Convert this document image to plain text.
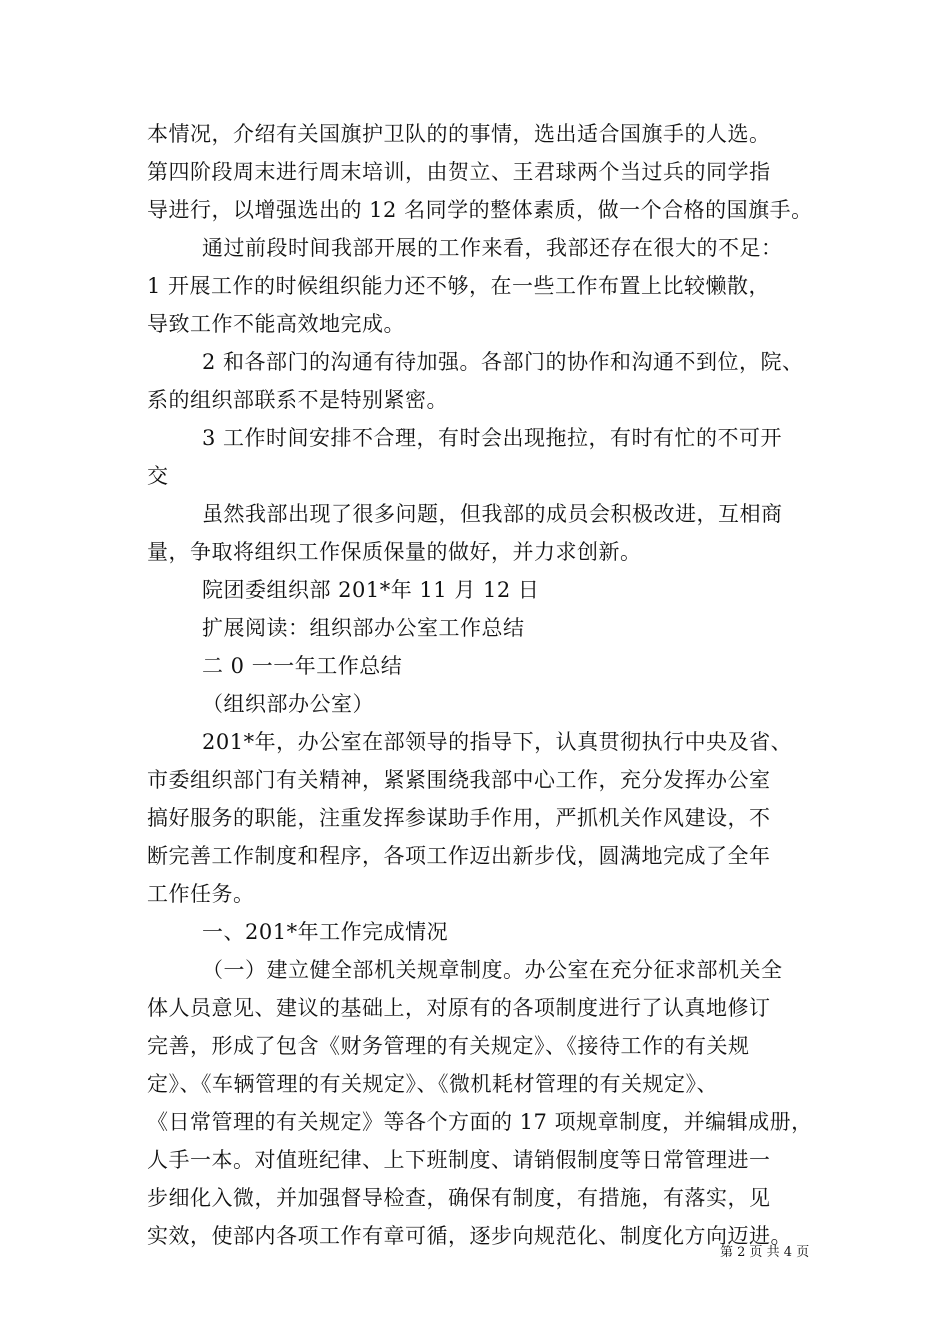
本情况，介绍有关国旗护卫队的的事情，选出适合国旗手的人选。
第四阶段周末进行周末培训，由贺立、王君球两个当过兵的同学指
导进行，以增强选出的 12 名同学的整体素质，做一个合格的国旗手。
通过前段时间我部开展的工作来看，我部还存在很大的不足：
1 开展工作的时候组织能力还不够，在一些工作布置上比较懒散，
导致工作不能高效地完成。
2 和各部门的沟通有待加强。各部门的协作和沟通不到位，院、
系的组织部联系不是特别紧密。
3 工作时间安排不合理，有时会出现拖拉，有时有忙的不可开
交
虽然我部出现了很多问题，但我部的成员会积极改进，互相商
量，争取将组织工作保质保量的做好，并力求创新。
院团委组织部 201*年 11 月 12 日
扩展阅读：组织部办公室工作总结
二 0 一一年工作总结
（组织部办公室）
201*年，办公室在部领导的指导下，认真贯彻执行中央及省、
市委组织部门有关精神，紧紧围绕我部中心工作，充分发挥办公室
搞好服务的职能，注重发挥参谋助手作用，严抓机关作风建设，不
断完善工作制度和程序，各项工作迈出新步伐，圆满地完成了全年
工作任务。
一、201*年工作完成情况
（一）建立健全部机关规章制度。办公室在充分征求部机关全
体人员意见、建议的基础上，对原有的各项制度进行了认真地修订
完善，形成了包含《财务管理的有关规定》、《接待工作的有关规
定》、《车辆管理的有关规定》、《微机耗材管理的有关规定》、
《日常管理的有关规定》等各个方面的 17 项规章制度，并编辑成册，
人手一本。对值班纪律、上下班制度、请销假制度等日常管理进一
步细化入微，并加强督导检查，确保有制度，有措施，有落实，见
实效，使部内各项工作有章可循，逐步向规范化、制度化方向迈进。
第 2 页 共 4 页
